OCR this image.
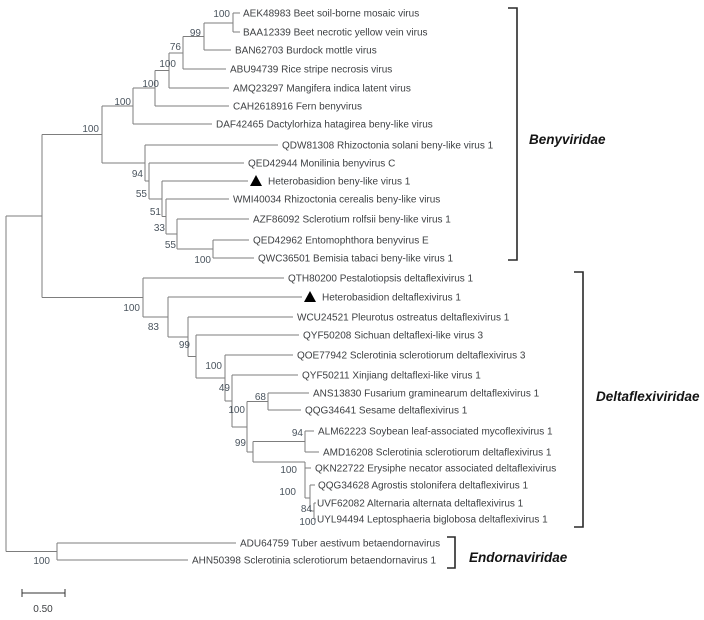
100
99
76
100
100
100
100
94
55
51
33
55
100
100
83
99
100
49
68
100
94
99
100
100
84
100
100
AEK48983 Beet soil-borne mosaic virus
BAA12339 Beet necrotic yellow vein virus
BAN62703 Burdock mottle virus
ABU94739 Rice stripe necrosis virus
AMQ23297 Mangifera indica latent virus
CAH2618916 Fern benyvirus
DAF42465 Dactylorhiza hatagirea beny-like virus
QDW81308 Rhizoctonia solani beny-like virus 1
QED42944 Monilinia benyvirus C
Heterobasidion beny-like virus 1
WMI40034 Rhizoctonia cerealis beny-like virus
AZF86092 Sclerotium rolfsii beny-like virus 1
QED42962 Entomophthora benyvirus E
QWC36501 Bemisia tabaci beny-like virus 1
QTH80200 Pestalotiopsis deltaflexivirus 1
Heterobasidion deltaflexivirus 1
WCU24521 Pleurotus ostreatus deltaflexivirus 1
QYF50208 Sichuan deltaflexi-like virus 3
QOE77942 Sclerotinia sclerotiorum deltaflexivirus 3
QYF50211 Xinjiang deltaflexi-like virus 1
ANS13830 Fusarium graminearum deltaflexivirus 1
QQG34641 Sesame deltaflexivirus 1
ALM62223 Soybean leaf-associated mycoflexivirus 1
AMD16208 Sclerotinia sclerotiorum deltaflexivirus 1
QKN22722 Erysiphe necator associated deltaflexivirus
QQG34628 Agrostis stolonifera deltaflexivirus 1
UVF62082 Alternaria alternata deltaflexivirus 1
UYL94494 Leptosphaeria biglobosa deltaflexivirus 1
ADU64759 Tuber aestivum betaendornavirus
AHN50398 Sclerotinia sclerotiorum betaendornavirus 1
Benyviridae
Deltaflexiviridae
Endornaviridae
0.50
